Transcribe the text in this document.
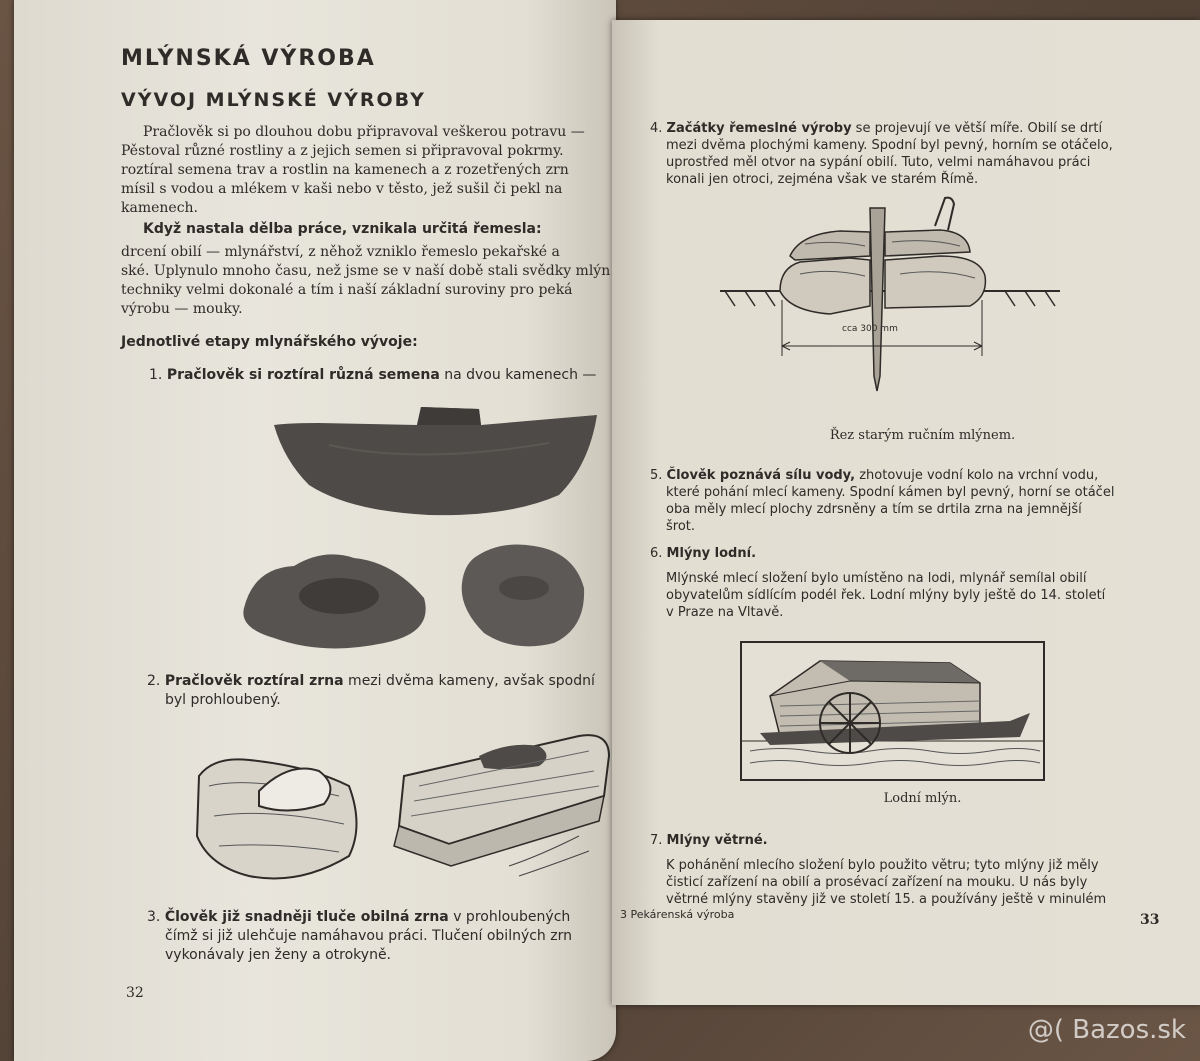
MLÝNSKÁ VÝROBA
VÝVOJ MLÝNSKÉ VÝROBY

Pračlověk si po dlouhou dobu připravoval veškerou potravu —

Pěstoval různé rostliny a z jejich semen si připravoval pokrmy.

roztíral semena trav a rostlin na kamenech a z rozetřených zrn

mísil s vodou a mlékem v kaši nebo v těsto, jež sušil či pekl na

kamenech.

Když nastala dělba práce, vznikala určitá řemesla:

drcení obilí — mlynářství, z něhož vzniklo řemeslo pekařské a

ské. Uplynulo mnoho času, než jsme se v naší době stali svědky mlýn

techniky velmi dokonalé a tím i naší základní suroviny pro peká

výrobu — mouky.

Jednotlivé etapy mlynářského vývoje:

1. Pračlověk si roztíral různá semena na dvou kamenech —
2. Pračlověk roztíral zrna mezi dvěma kameny, avšak spodní
byl prohloubený.
3. Člověk již snadněji tluče obilná zrna v prohloubených
čímž si již ulehčuje namáhavou práci. Tlučení obilných zrn
vykonávaly jen ženy a otrokyně.
32
4. Začátky řemeslné výroby se projevují ve větší míře. Obilí se drtí

mezi dvěma plochými kameny. Spodní byl pevný, horním se otáčelo,

uprostřed měl otvor na sypání obilí. Tuto, velmi namáhavou práci

konali jen otroci, zejména však ve starém Římě.

cca 300 mm
Řez starým ručním mlýnem.
5. Člověk poznává sílu vody, zhotovuje vodní kolo na vrchní vodu,

které pohání mlecí kameny. Spodní kámen byl pevný, horní se otáčel

oba měly mlecí plochy zdrsněny a tím se drtila zrna na jemnější

šrot.

6. Mlýny lodní.

Mlýnské mlecí složení bylo umístěno na lodi, mlynář semílal obilí

obyvatelům sídlícím podél řek. Lodní mlýny byly ještě do 14. století

v Praze na Vltavě.

Lodní mlýn.
7. Mlýny větrné.

K pohánění mlecího složení bylo použito větru; tyto mlýny již měly

čisticí zařízení na obilí a prosévací zařízení na mouku. U nás byly

větrné mlýny stavěny již ve století 15. a používány ještě v minulém

3 Pekárenská výroba	33
@( Bazos.sk
